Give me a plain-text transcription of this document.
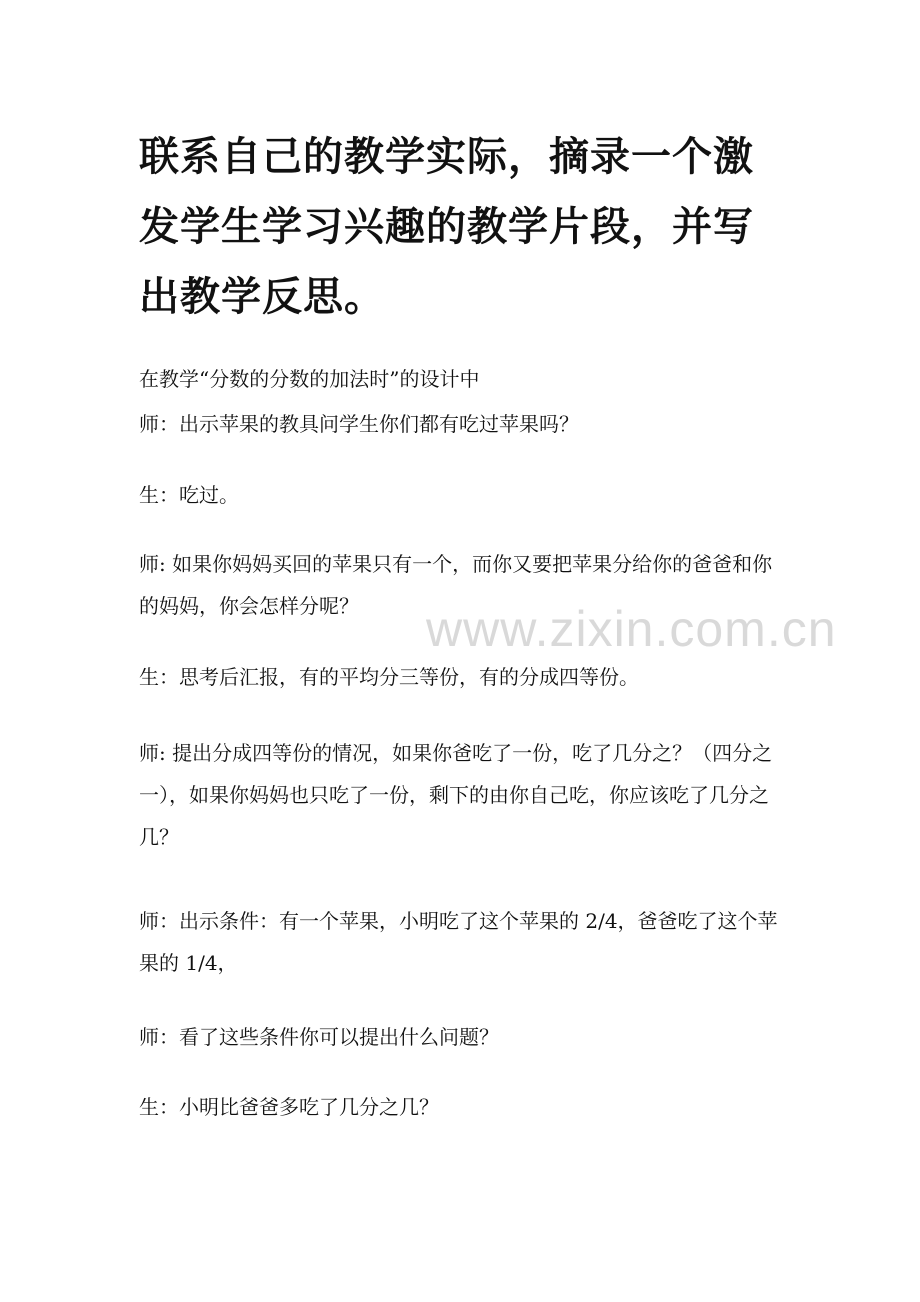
联系自己的教学实际，摘录一个激发学生学习兴趣的教学片段，并写出教学反思。

在教学“分数的分数的加法时”的设计中

师：出示苹果的教具问学生你们都有吃过苹果吗？

生：吃过。

师: 如果你妈妈买回的苹果只有一个，而你又要把苹果分给你的爸爸和你的妈妈，你会怎样分呢？

生：思考后汇报，有的平均分三等份，有的分成四等份。

师: 提出分成四等份的情况，如果你爸吃了一份，吃了几分之？（四分之一），如果你妈妈也只吃了一份，剩下的由你自己吃，你应该吃了几分之几？

师：出示条件：有一个苹果，小明吃了这个苹果的 2/4，爸爸吃了这个苹果的 1/4，

师：看了这些条件你可以提出什么问题？

生：小明比爸爸多吃了几分之几？

www.zixin.com.cn
